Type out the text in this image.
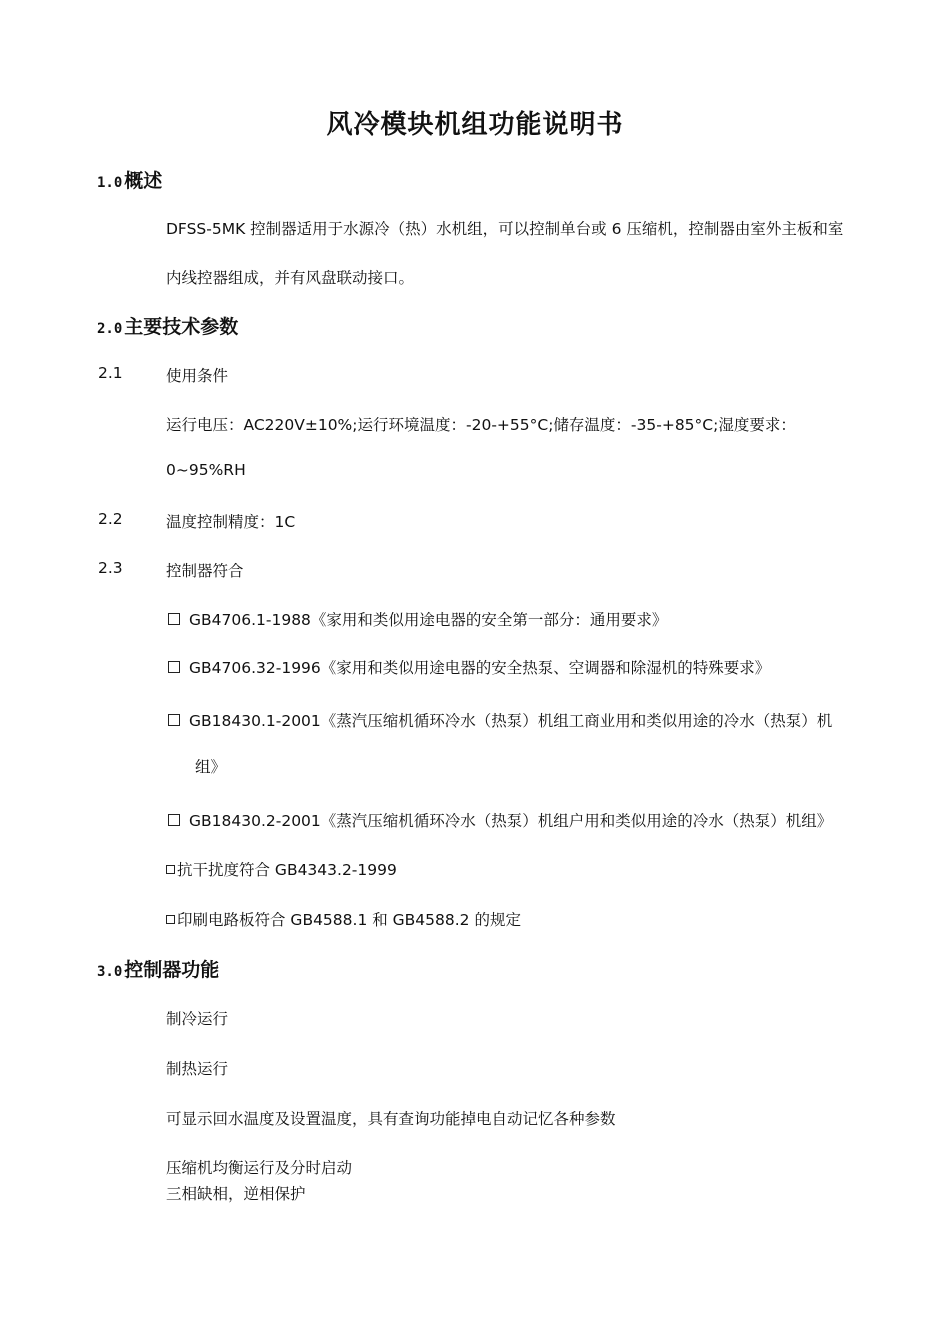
风冷模块机组功能说明书
1.0 概述
DFSS-5MK 控制器适用于水源冷（热）水机组，可以控制单台或 6 压缩机，控制器由室外主板和室
内线控器组成，并有风盘联动接口。
2.0 主要技术参数
2.1	使用条件
运行电压：AC220V±10%;运行环境温度：-20-+55°C;储存温度：-35-+85°C;湿度要求：
0~95%RH
2.2	温度控制精度：1C
2.3	控制器符合
GB4706.1-1988《家用和类似用途电器的安全第一部分：通用要求》
GB4706.32-1996《家用和类似用途电器的安全热泵、空调器和除湿机的特殊要求》
GB18430.1-2001《蒸汽压缩机循环冷水（热泵）机组工商业用和类似用途的冷水（热泵）机
组》
GB18430.2-2001《蒸汽压缩机循环冷水（热泵）机组户用和类似用途的冷水（热泵）机组》
抗干扰度符合 GB4343.2-1999
印刷电路板符合 GB4588.1 和 GB4588.2 的规定
3.0 控制器功能
制冷运行
制热运行
可显示回水温度及设置温度，具有查询功能掉电自动记忆各种参数
压缩机均衡运行及分时启动
三相缺相，逆相保护
